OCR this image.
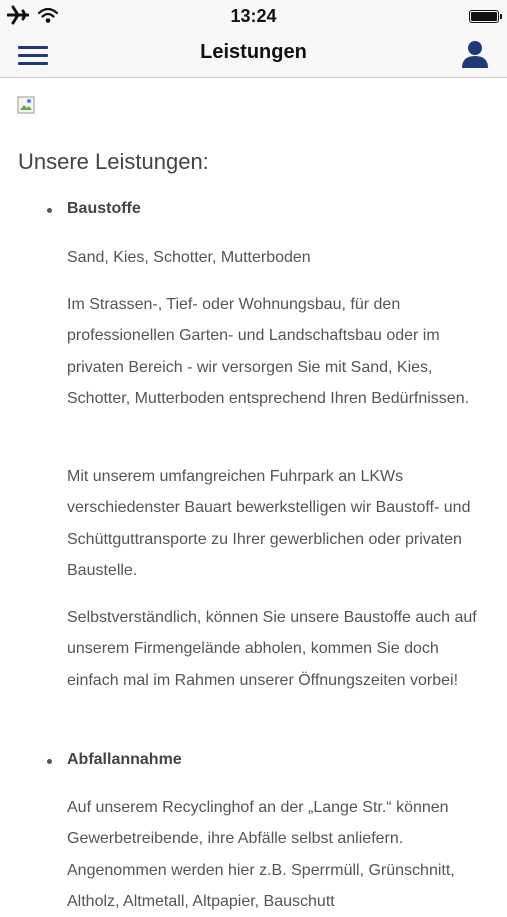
13:24
Leistungen
Unsere Leistungen:
Baustoffe

Sand, Kies, Schotter, Mutterboden

Im Strassen-, Tief- oder Wohnungsbau, für den professionellen Garten- und Landschaftsbau oder im privaten Bereich - wir versorgen Sie mit Sand, Kies, Schotter, Mutterboden entsprechend Ihren Bedürfnissen.

Mit unserem umfangreichen Fuhrpark an LKWs verschiedenster Bauart bewerkstelligen wir Baustoff- und Schüttguttransporte zu Ihrer gewerblichen oder privaten Baustelle.

Selbstverständlich, können Sie unsere Baustoffe auch auf unserem Firmengelände abholen, kommen Sie doch einfach mal im Rahmen unserer Öffnungszeiten vorbei!

Abfallannahme

Auf unserem Recyclinghof an der „Lange Str.“ können Gewerbetreibende, ihre Abfälle selbst anliefern. Angenommen werden hier z.B. Sperrmüll, Grünschnitt, Altholz, Altmetall, Altpapier, Bauschutt
